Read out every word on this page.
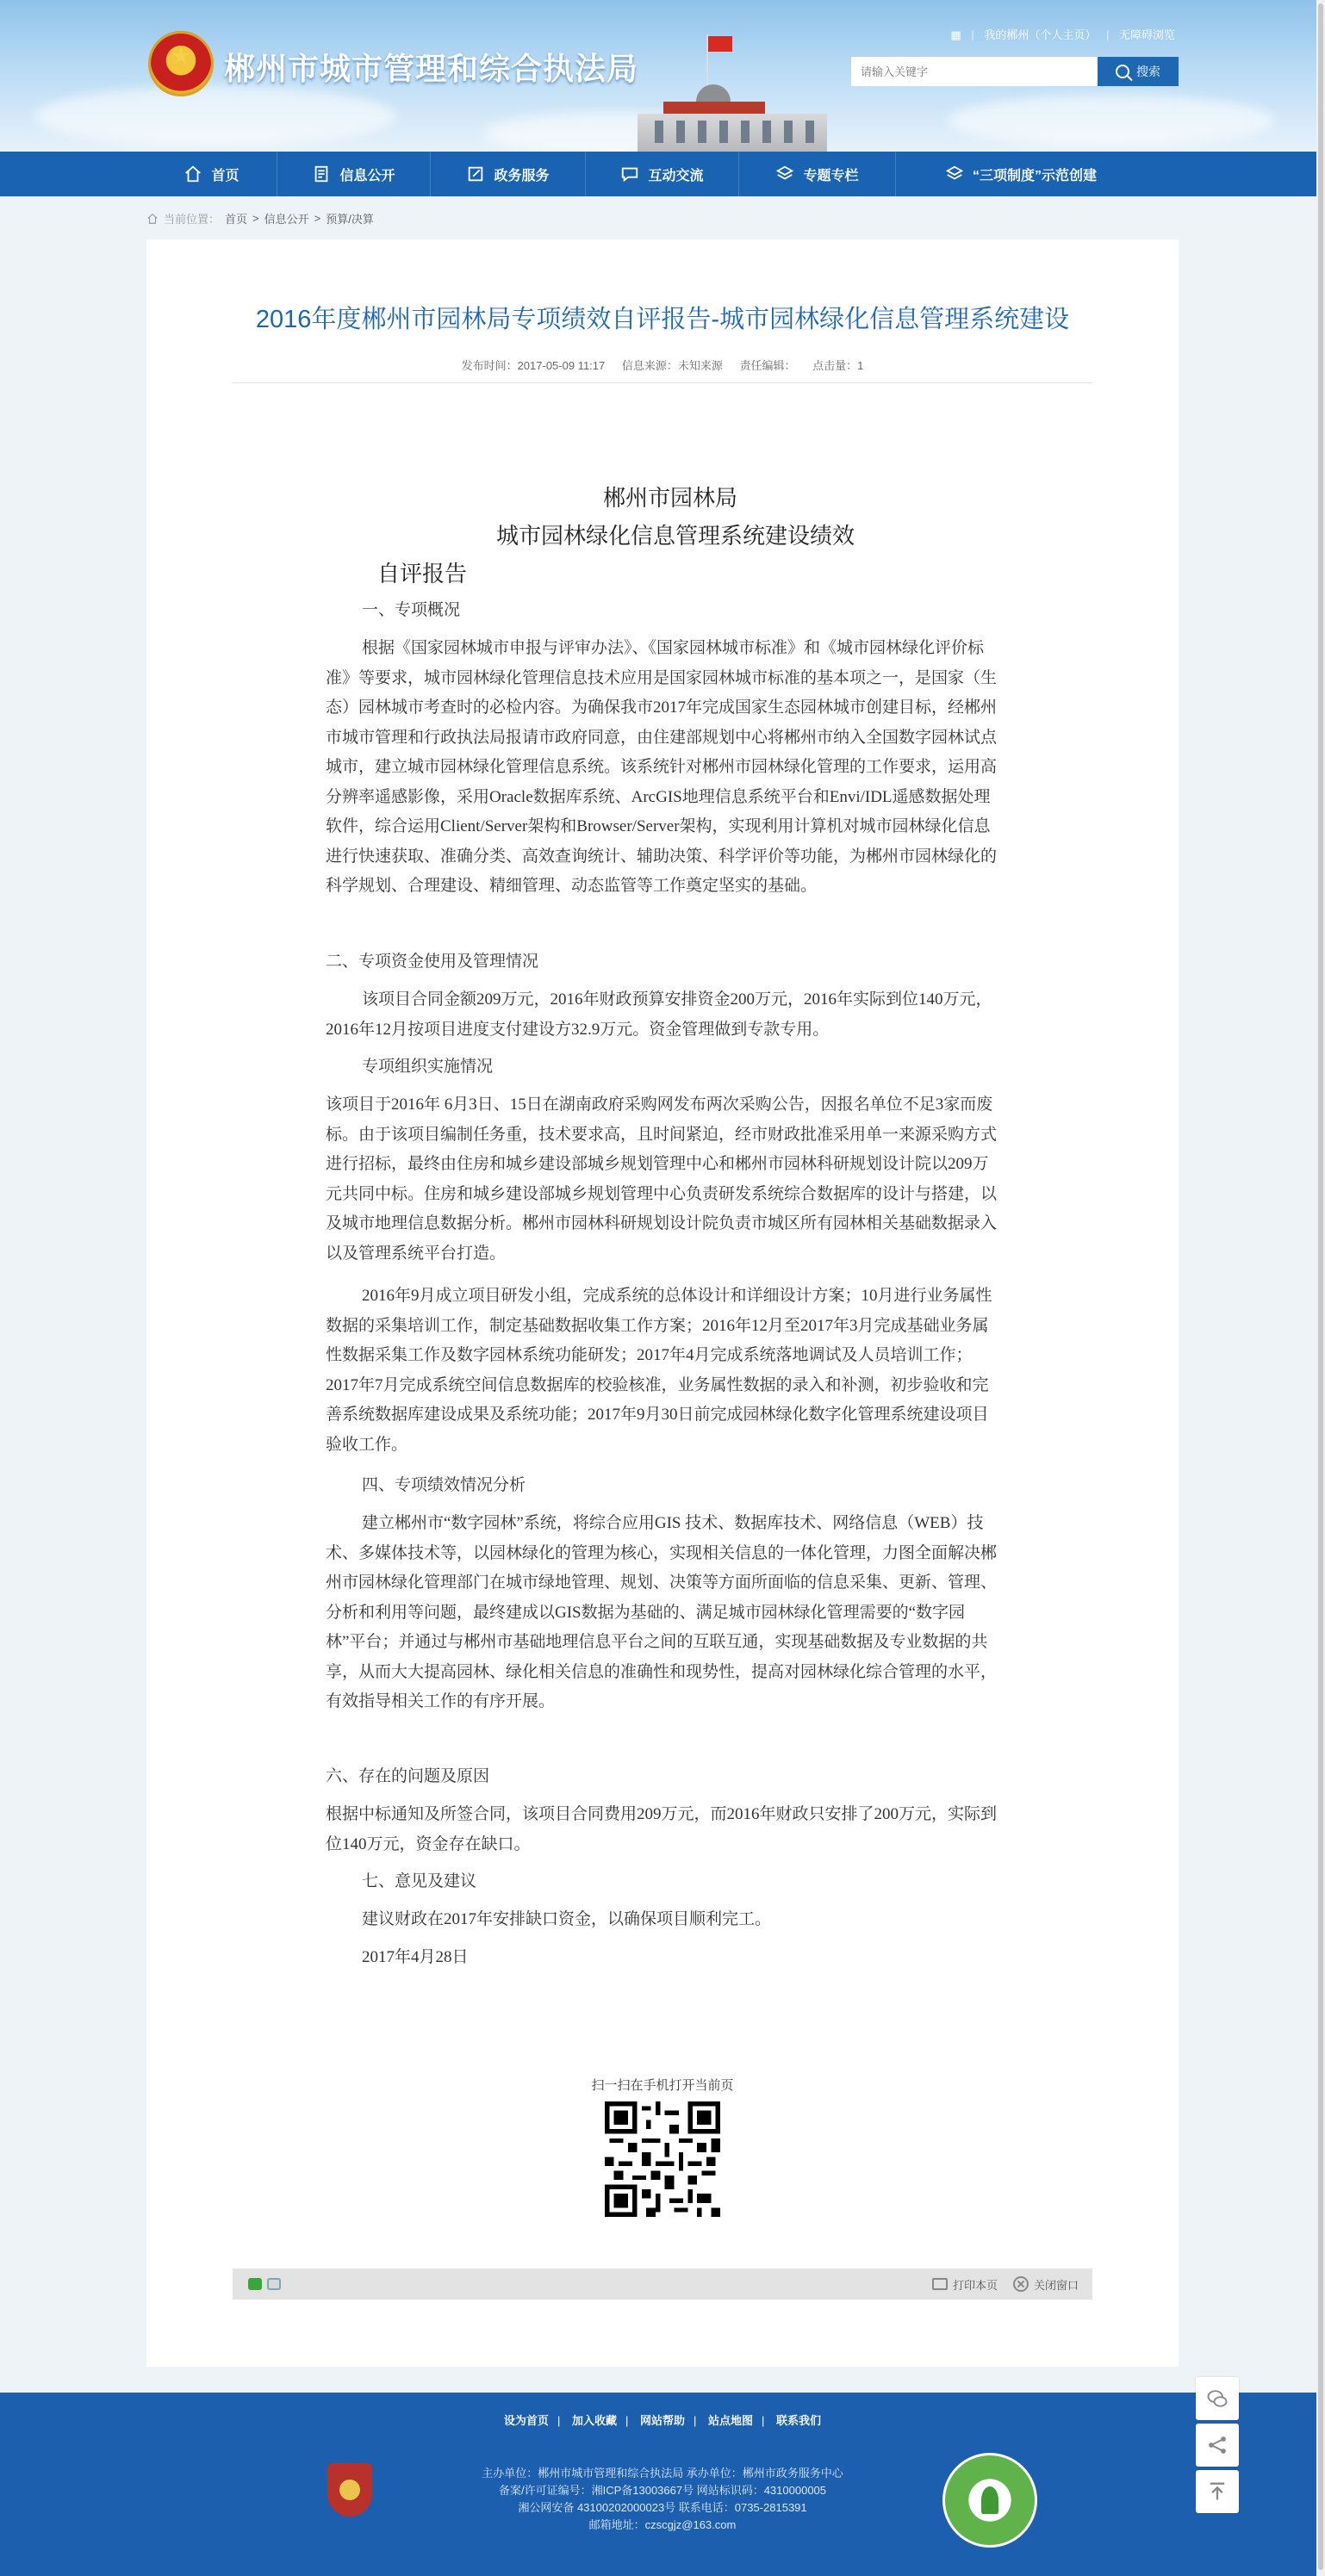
郴州市城市管理和综合执法局
▦ | 我的郴州（个人主页） | 无障碍浏览
请输入关键字
搜索
首页	信息公开	政务服务	互动交流	专题专栏	“三项制度”示范创建
当前位置： 首页 > 信息公开 > 预算/决算
2016年度郴州市园林局专项绩效自评报告-城市园林绿化信息管理系统建设
发布时间：2017-05-09 11:17 信息来源：未知来源 责任编辑： 点击量：1
郴州市园林局
城市园林绿化信息管理系统建设绩效
自评报告

一、专项概况

根据《国家园林城市申报与评审办法》、《国家园林城市标准》和《城市园林绿化评价标准》等要求，城市园林绿化管理信息技术应用是国家园林城市标准的基本项之一，是国家（生态）园林城市考查时的必检内容。为确保我市2017年完成国家生态园林城市创建目标，经郴州市城市管理和行政执法局报请市政府同意，由住建部规划中心将郴州市纳入全国数字园林试点城市，建立城市园林绿化管理信息系统。该系统针对郴州市园林绿化管理的工作要求，运用高分辨率遥感影像，采用Oracle数据库系统、ArcGIS地理信息系统平台和Envi/IDL遥感数据处理软件，综合运用Client/Server架构和Browser/Server架构，实现利用计算机对城市园林绿化信息进行快速获取、准确分类、高效查询统计、辅助决策、科学评价等功能，为郴州市园林绿化的科学规划、合理建设、精细管理、动态监管等工作奠定坚实的基础。

二、专项资金使用及管理情况

该项目合同金额209万元，2016年财政预算安排资金200万元，2016年实际到位140万元，2016年12月按项目进度支付建设方32.9万元。资金管理做到专款专用。

专项组织实施情况

该项目于2016年 6月3日、15日在湖南政府采购网发布两次采购公告，因报名单位不足3家而废标。由于该项目编制任务重，技术要求高，且时间紧迫，经市财政批准采用单一来源采购方式进行招标，最终由住房和城乡建设部城乡规划管理中心和郴州市园林科研规划设计院以209万元共同中标。住房和城乡建设部城乡规划管理中心负责研发系统综合数据库的设计与搭建，以及城市地理信息数据分析。郴州市园林科研规划设计院负责市城区所有园林相关基础数据录入以及管理系统平台打造。

2016年9月成立项目研发小组，完成系统的总体设计和详细设计方案；10月进行业务属性数据的采集培训工作，制定基础数据收集工作方案；2016年12月至2017年3月完成基础业务属性数据采集工作及数字园林系统功能研发；2017年4月完成系统落地调试及人员培训工作；2017年7月完成系统空间信息数据库的校验核准，业务属性数据的录入和补测，初步验收和完善系统数据库建设成果及系统功能；2017年9月30日前完成园林绿化数字化管理系统建设项目验收工作。

四、专项绩效情况分析

建立郴州市“数字园林”系统，将综合应用GIS 技术、数据库技术、网络信息（WEB）技术、多媒体技术等，以园林绿化的管理为核心，实现相关信息的一体化管理，力图全面解决郴州市园林绿化管理部门在城市绿地管理、规划、决策等方面所面临的信息采集、更新、管理、分析和利用等问题，最终建成以GIS数据为基础的、满足城市园林绿化管理需要的“数字园林”平台；并通过与郴州市基础地理信息平台之间的互联互通，实现基础数据及专业数据的共享，从而大大提高园林、绿化相关信息的准确性和现势性，提高对园林绿化综合管理的水平，有效指导相关工作的有序开展。

六、存在的问题及原因

根据中标通知及所签合同，该项目合同费用209万元，而2016年财政只安排了200万元，实际到位140万元，资金存在缺口。

七、意见及建议

建议财政在2017年安排缺口资金，以确保项目顺利完工。

2017年4月28日

扫一扫在手机打开当前页
打印本页	关闭窗口
设为首页 | 加入收藏 | 网站帮助 | 站点地图 | 联系我们
主办单位：郴州市城市管理和综合执法局 承办单位：郴州市政务服务中心
备案/许可证编号：湘ICP备13003667号 网站标识码：4310000005
湘公网安备 43100202000023号 联系电话：0735-2815391
邮箱地址：czscgjz@163.com
